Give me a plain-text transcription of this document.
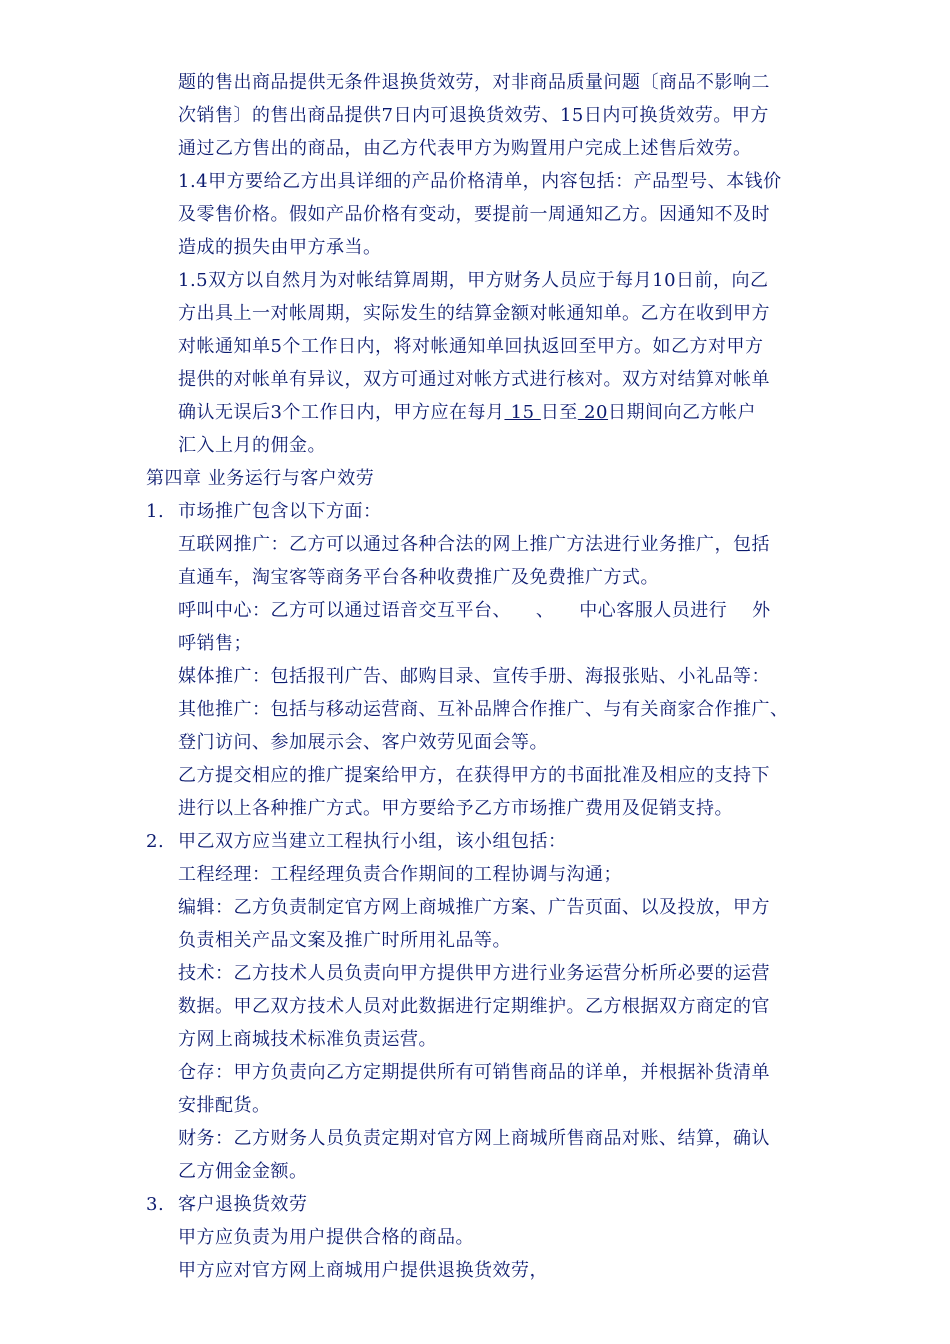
题的售出商品提供无条件退换货效劳，对非商品质量问题〔商品不影响二
次销售〕的售出商品提供7日内可退换货效劳、15日内可换货效劳。甲方
通过乙方售出的商品，由乙方代表甲方为购置用户完成上述售后效劳。
1.4甲方要给乙方出具详细的产品价格清单，内容包括：产品型号、本钱价
及零售价格。假如产品价格有变动，要提前一周通知乙方。因通知不及时
造成的损失由甲方承当。
1.5双方以自然月为对帐结算周期，甲方财务人员应于每月10日前，向乙
方出具上一对帐周期，实际发生的结算金额对帐通知单。乙方在收到甲方
对帐通知单5个工作日内，将对帐通知单回执返回至甲方。如乙方对甲方
提供的对帐单有异议，双方可通过对帐方式进行核对。双方对结算对帐单
确认无误后3个工作日内，甲方应在每月 15 日至 20日期间向乙方帐户
汇入上月的佣金。
第四章 业务运行与客户效劳
1. 市场推广包含以下方面：
互联网推广：乙方可以通过各种合法的网上推广方法进行业务推广，包括
直通车，淘宝客等商务平台各种收费推广及免费推广方式。
呼叫中心：乙方可以通过语音交互平台、    、    中心客服人员进行    外
呼销售；
媒体推广：包括报刊广告、邮购目录、宣传手册、海报张贴、小礼品等：
其他推广：包括与移动运营商、互补品牌合作推广、与有关商家合作推广、
登门访问、参加展示会、客户效劳见面会等。
乙方提交相应的推广提案给甲方，在获得甲方的书面批准及相应的支持下
进行以上各种推广方式。甲方要给予乙方市场推广费用及促销支持。
2. 甲乙双方应当建立工程执行小组，该小组包括：
工程经理：工程经理负责合作期间的工程协调与沟通；
编辑：乙方负责制定官方网上商城推广方案、广告页面、以及投放，甲方
负责相关产品文案及推广时所用礼品等。
技术：乙方技术人员负责向甲方提供甲方进行业务运营分析所必要的运营
数据。甲乙双方技术人员对此数据进行定期维护。乙方根据双方商定的官
方网上商城技术标准负责运营。
仓存：甲方负责向乙方定期提供所有可销售商品的详单，并根据补货清单
安排配货。
财务：乙方财务人员负责定期对官方网上商城所售商品对账、结算，确认
乙方佣金金额。
3. 客户退换货效劳
甲方应负责为用户提供合格的商品。
甲方应对官方网上商城用户提供退换货效劳，
